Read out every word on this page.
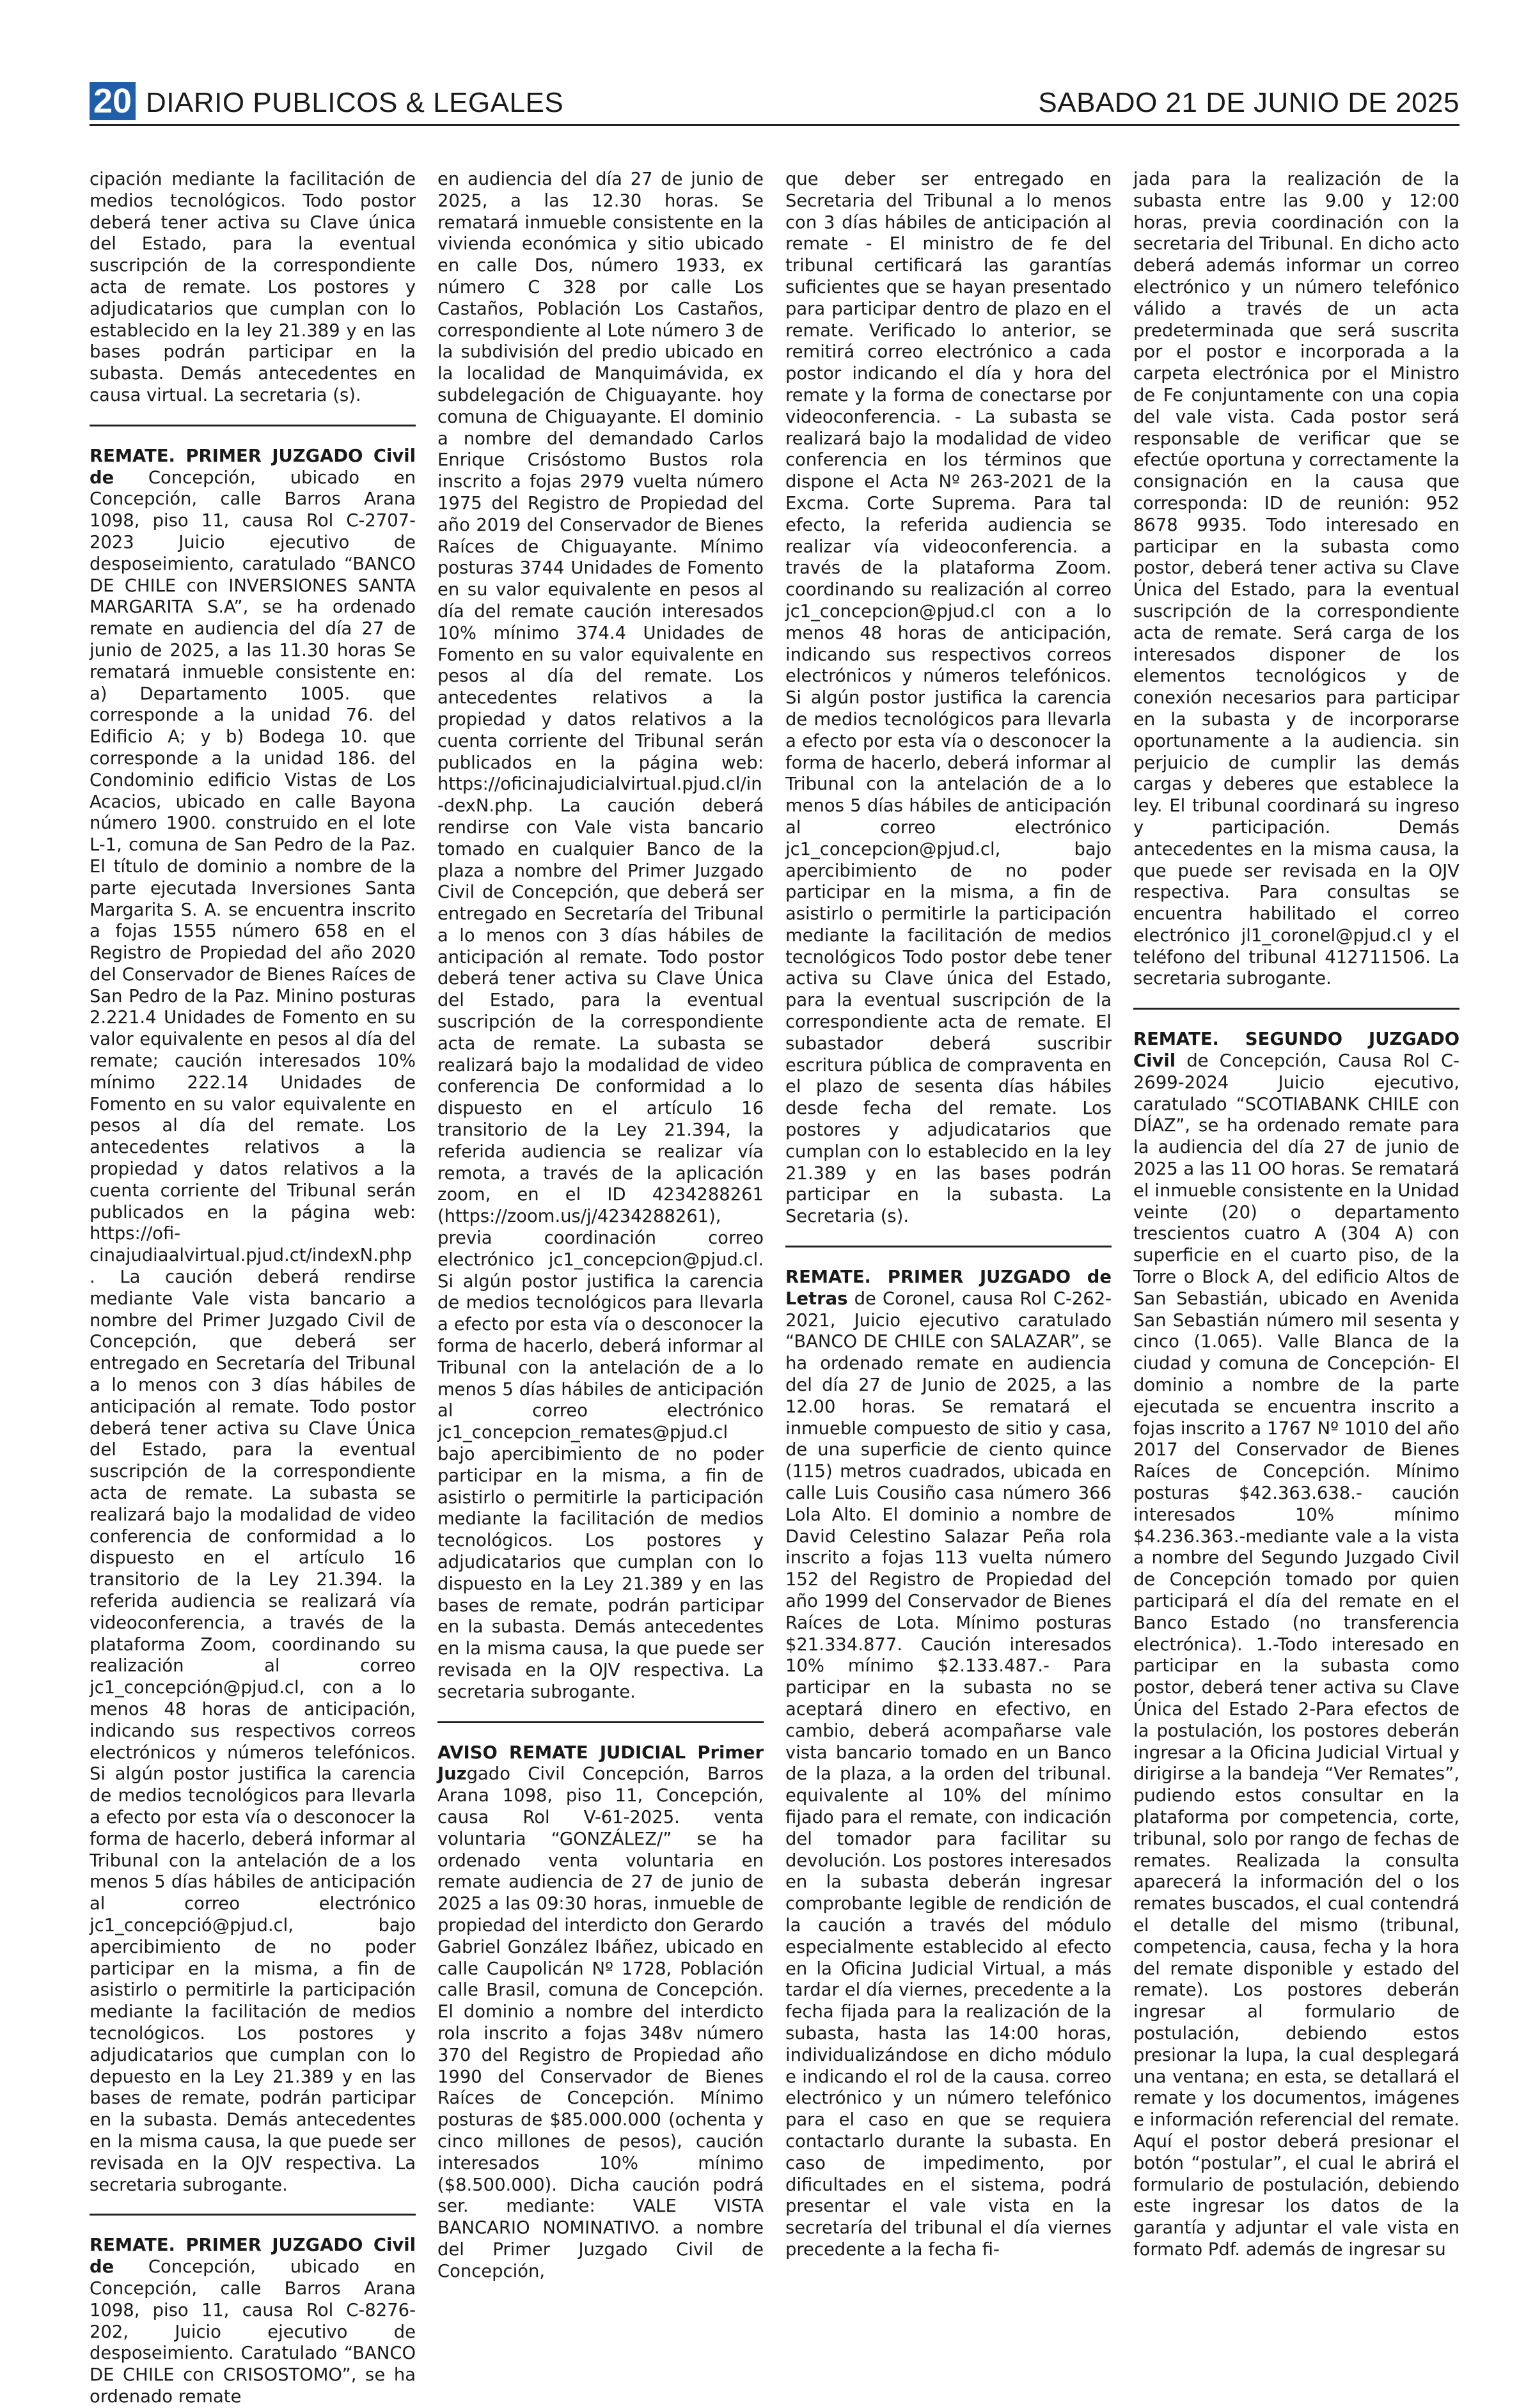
20 DIARIO PUBLICOS & LEGALES	SABADO 21 DE JUNIO DE 2025

cipación mediante la facilitación de medios tecnológicos. Todo postor deberá tener activa su Clave única del Estado, para la eventual suscripción de la correspondiente acta de remate. Los postores y adjudicatarios que cumplan con lo establecido en la ley 21.389 y en las bases podrán participar en la subasta. Demás antecedentes en causa virtual. La secretaria (s).

REMATE. PRIMER JUZGADO Civil de Concepción, ubicado en Concepción, calle Barros Arana 1098, piso 11, causa Rol C-2707-2023 Juicio ejecutivo de desposeimiento, caratulado “BANCO DE CHILE con INVERSIONES SANTA MARGARITA S.A”, se ha ordenado remate en audiencia del día 27 de junio de 2025, a las 11.30 horas Se rematará inmueble consistente en: a) Departamento 1005. que corresponde a la unidad 76. del Edificio A; y b) Bodega 10. que corresponde a la unidad 186. del Condominio edificio Vistas de Los Acacios, ubicado en calle Bayona número 1900. construido en el lote L-1, comuna de San Pedro de la Paz. El título de dominio a nombre de la parte ejecutada Inversiones Santa Margarita S. A. se encuentra inscrito a fojas 1555 número 658 en el Registro de Propiedad del año 2020 del Conservador de Bienes Raíces de San Pedro de la Paz. Minino posturas 2.221.4 Unidades de Fomento en su valor equivalente en pesos al día del remate; caución interesados 10% mínimo 222.14 Unidades de Fomento en su valor equivalente en pesos al día del remate. Los antecedentes relativos a la propiedad y datos relativos a la cuenta corriente del Tribunal serán publicados en la página web: https://ofi-cinajudiaalvirtual.pjud.ct/indexN.php. La caución deberá rendirse mediante Vale vista bancario a nombre del Primer Juzgado Civil de Concepción, que deberá ser entregado en Secretaría del Tribunal a lo menos con 3 días hábiles de anticipación al remate. Todo postor deberá tener activa su Clave Única del Estado, para la eventual suscripción de la correspondiente acta de remate. La subasta se realizará bajo la modalidad de video conferencia de conformidad a lo dispuesto en el artículo 16 transitorio de la Ley 21.394. la referida audiencia se realizará vía videoconferencia, a través de la plataforma Zoom, coordinando su realización al correo jc1_concepción@pjud.cl, con a lo menos 48 horas de anticipación, indicando sus respectivos correos electrónicos y números telefónicos. Si algún postor justifica la carencia de medios tecnológicos para llevarla a efecto por esta vía o desconocer la forma de hacerlo, deberá informar al Tribunal con la antelación de a los menos 5 días hábiles de anticipación al correo electrónico jc1_concepció@pjud.cl, bajo apercibimiento de no poder participar en la misma, a fin de asistirlo o permitirle la participación mediante la facilitación de medios tecnológicos. Los postores y adjudicatarios que cumplan con lo depuesto en la Ley 21.389 y en las bases de remate, podrán participar en la subasta. Demás antecedentes en la misma causa, la que puede ser revisada en la OJV respectiva. La secretaria subrogante.

REMATE. PRIMER JUZGADO Civil de Concepción, ubicado en Concepción, calle Barros Arana 1098, piso 11, causa Rol C-8276-202, Juicio ejecutivo de desposeimiento. Caratulado “BANCO DE CHILE con CRISOSTOMO”, se ha ordenado remate

en audiencia del día 27 de junio de 2025, a las 12.30 horas. Se rematará inmueble consistente en la vivienda económica y sitio ubicado en calle Dos, número 1933, ex número C 328 por calle Los Castaños, Población Los Castaños, correspondiente al Lote número 3 de la subdivisión del predio ubicado en la localidad de Manquimávida, ex subdelegación de Chiguayante. hoy comuna de Chiguayante. El dominio a nombre del demandado Carlos Enrique Crisóstomo Bustos rola inscrito a fojas 2979 vuelta número 1975 del Registro de Propiedad del año 2019 del Conservador de Bienes Raíces de Chiguayante. Mínimo posturas 3744 Unidades de Fomento en su valor equivalente en pesos al día del remate caución interesados 10% mínimo 374.4 Unidades de Fomento en su valor equivalente en pesos al día del remate. Los antecedentes relativos a la propiedad y datos relativos a la cuenta corriente del Tribunal serán publicados en la página web: https://oficinajudicialvirtual.pjud.cl/in-dexN.php. La caución deberá rendirse con Vale vista bancario tomado en cualquier Banco de la plaza a nombre del Primer Juzgado Civil de Concepción, que deberá ser entregado en Secretaría del Tribunal a lo menos con 3 días hábiles de anticipación al remate. Todo postor deberá tener activa su Clave Única del Estado, para la eventual suscripción de la correspondiente acta de remate. La subasta se realizará bajo la modalidad de video conferencia De conformidad a lo dispuesto en el artículo 16 transitorio de la Ley 21.394, la referida audiencia se realizar vía remota, a través de la aplicación zoom, en el ID 4234288261 (https://zoom.us/j/4234288261), previa coordinación correo electrónico jc1_concepcion@pjud.cl. Si algún postor justifica la carencia de medios tecnológicos para llevarla a efecto por esta vía o desconocer la forma de hacerlo, deberá informar al Tribunal con la antelación de a lo menos 5 días hábiles de anticipación al correo electrónico jc1_concepcion_remates@pjud.cl bajo apercibimiento de no poder participar en la misma, a fin de asistirlo o permitirle la participación mediante la facilitación de medios tecnológicos. Los postores y adjudicatarios que cumplan con lo dispuesto en la Ley 21.389 y en las bases de remate, podrán participar en la subasta. Demás antecedentes en la misma causa, la que puede ser revisada en la OJV respectiva. La secretaria subrogante.

AVISO REMATE JUDICIAL Primer Juzgado Civil Concepción, Barros Arana 1098, piso 11, Concepción, causa Rol V-61-2025. venta voluntaria “GONZÁLEZ/” se ha ordenado venta voluntaria en remate audiencia de 27 de junio de 2025 a las 09:30 horas, inmueble de propiedad del interdicto don Gerardo Gabriel González Ibáñez, ubicado en calle Caupolicán Nº 1728, Población calle Brasil, comuna de Concepción. El dominio a nombre del interdicto rola inscrito a fojas 348v número 370 del Registro de Propiedad año 1990 del Conservador de Bienes Raíces de Concepción. Mínimo posturas de $85.000.000 (ochenta y cinco millones de pesos), caución interesados 10% mínimo ($8.500.000). Dicha caución podrá ser. mediante: VALE VISTA BANCARIO NOMINATIVO. a nombre del Primer Juzgado Civil de Concepción,

que deber ser entregado en Secretaria del Tribunal a lo menos con 3 días hábiles de anticipación al remate - El ministro de fe del tribunal certificará las garantías suficientes que se hayan presentado para participar dentro de plazo en el remate. Verificado lo anterior, se remitirá correo electrónico a cada postor indicando el día y hora del remate y la forma de conectarse por videoconferencia. - La subasta se realizará bajo la modalidad de video conferencia en los términos que dispone el Acta Nº 263-2021 de la Excma. Corte Suprema. Para tal efecto, la referida audiencia se realizar vía videoconferencia. a través de la plataforma Zoom. coordinando su realización al correo jc1_concepcion@pjud.cl con a lo menos 48 horas de anticipación, indicando sus respectivos correos electrónicos y números telefónicos. Si algún postor justifica la carencia de medios tecnológicos para llevarla a efecto por esta vía o desconocer la forma de hacerlo, deberá informar al Tribunal con la antelación de a lo menos 5 días hábiles de anticipación al correo electrónico jc1_concepcion@pjud.cl, bajo apercibimiento de no poder participar en la misma, a fin de asistirlo o permitirle la participación mediante la facilitación de medios tecnológicos Todo postor debe tener activa su Clave única del Estado, para la eventual suscripción de la correspondiente acta de remate. El subastador deberá suscribir escritura pública de compraventa en el plazo de sesenta días hábiles desde fecha del remate. Los postores y adjudicatarios que cumplan con lo establecido en la ley 21.389 y en las bases podrán participar en la subasta. La Secretaria (s).

REMATE. PRIMER JUZGADO de Letras de Coronel, causa Rol C-262-2021, Juicio ejecutivo caratulado “BANCO DE CHILE con SALAZAR”, se ha ordenado remate en audiencia del día 27 de Junio de 2025, a las 12.00 horas. Se rematará el inmueble compuesto de sitio y casa, de una superficie de ciento quince (115) metros cuadrados, ubicada en calle Luis Cousiño casa número 366 Lola Alto. El dominio a nombre de David Celestino Salazar Peña rola inscrito a fojas 113 vuelta número 152 del Registro de Propiedad del año 1999 del Conservador de Bienes Raíces de Lota. Mínimo posturas $21.334.877. Caución interesados 10% mínimo $2.133.487.- Para participar en la subasta no se aceptará dinero en efectivo, en cambio, deberá acompañarse vale vista bancario tomado en un Banco de la plaza, a la orden del tribunal. equivalente al 10% del mínimo fijado para el remate, con indicación del tomador para facilitar su devolución. Los postores interesados en la subasta deberán ingresar comprobante legible de rendición de la caución a través del módulo especialmente establecido al efecto en la Oficina Judicial Virtual, a más tardar el día viernes, precedente a la fecha fijada para la realización de la subasta, hasta las 14:00 horas, individualizándose en dicho módulo e indicando el rol de la causa. correo electrónico y un número telefónico para el caso en que se requiera contactarlo durante la subasta. En caso de impedimento, por dificultades en el sistema, podrá presentar el vale vista en la secretaría del tribunal el día viernes precedente a la fecha fi-

jada para la realización de la subasta entre las 9.00 y 12:00 horas, previa coordinación con la secretaria del Tribunal. En dicho acto deberá además informar un correo electrónico y un número telefónico válido a través de un acta predeterminada que será suscrita por el postor e incorporada a la carpeta electrónica por el Ministro de Fe conjuntamente con una copia del vale vista. Cada postor será responsable de verificar que se efectúe oportuna y correctamente la consignación en la causa que corresponda: ID de reunión: 952 8678 9935. Todo interesado en participar en la subasta como postor, deberá tener activa su Clave Única del Estado, para la eventual suscripción de la correspondiente acta de remate. Será carga de los interesados disponer de los elementos tecnológicos y de conexión necesarios para participar en la subasta y de incorporarse oportunamente a la audiencia. sin perjuicio de cumplir las demás cargas y deberes que establece la ley. El tribunal coordinará su ingreso y participación. Demás antecedentes en la misma causa, la que puede ser revisada en la OJV respectiva. Para consultas se encuentra habilitado el correo electrónico jl1_coronel@pjud.cl y el teléfono del tribunal 412711506. La secretaria subrogante.

REMATE. SEGUNDO JUZGADO Civil de Concepción, Causa Rol C-2699-2024 Juicio ejecutivo, caratulado “SCOTIABANK CHILE con DÍAZ”, se ha ordenado remate para la audiencia del día 27 de junio de 2025 a las 11 OO horas. Se rematará el inmueble consistente en la Unidad veinte (20) o departamento trescientos cuatro A (304 A) con superficie en el cuarto piso, de la Torre o Block A, del edificio Altos de San Sebastián, ubicado en Avenida San Sebastián número mil sesenta y cinco (1.065). Valle Blanca de la ciudad y comuna de Concepción- El dominio a nombre de la parte ejecutada se encuentra inscrito a fojas inscrito a 1767 Nº 1010 del año 2017 del Conservador de Bienes Raíces de Concepción. Mínimo posturas $42.363.638.- caución interesados 10% mínimo $4.236.363.-mediante vale a la vista a nombre del Segundo Juzgado Civil de Concepción tomado por quien participará el día del remate en el Banco Estado (no transferencia electrónica). 1.-Todo interesado en participar en la subasta como postor, deberá tener activa su Clave Única del Estado 2-Para efectos de la postulación, los postores deberán ingresar a la Oficina Judicial Virtual y dirigirse a la bandeja “Ver Remates”, pudiendo estos consultar en la plataforma por competencia, corte, tribunal, solo por rango de fechas de remates. Realizada la consulta aparecerá la información del o los remates buscados, el cual contendrá el detalle del mismo (tribunal, competencia, causa, fecha y la hora del remate disponible y estado del remate). Los postores deberán ingresar al formulario de postulación, debiendo estos presionar la lupa, la cual desplegará una ventana; en esta, se detallará el remate y los documentos, imágenes e información referencial del remate. Aquí el postor deberá presionar el botón “postular”, el cual le abrirá el formulario de postulación, debiendo este ingresar los datos de la garantía y adjuntar el vale vista en formato Pdf. además de ingresar su
